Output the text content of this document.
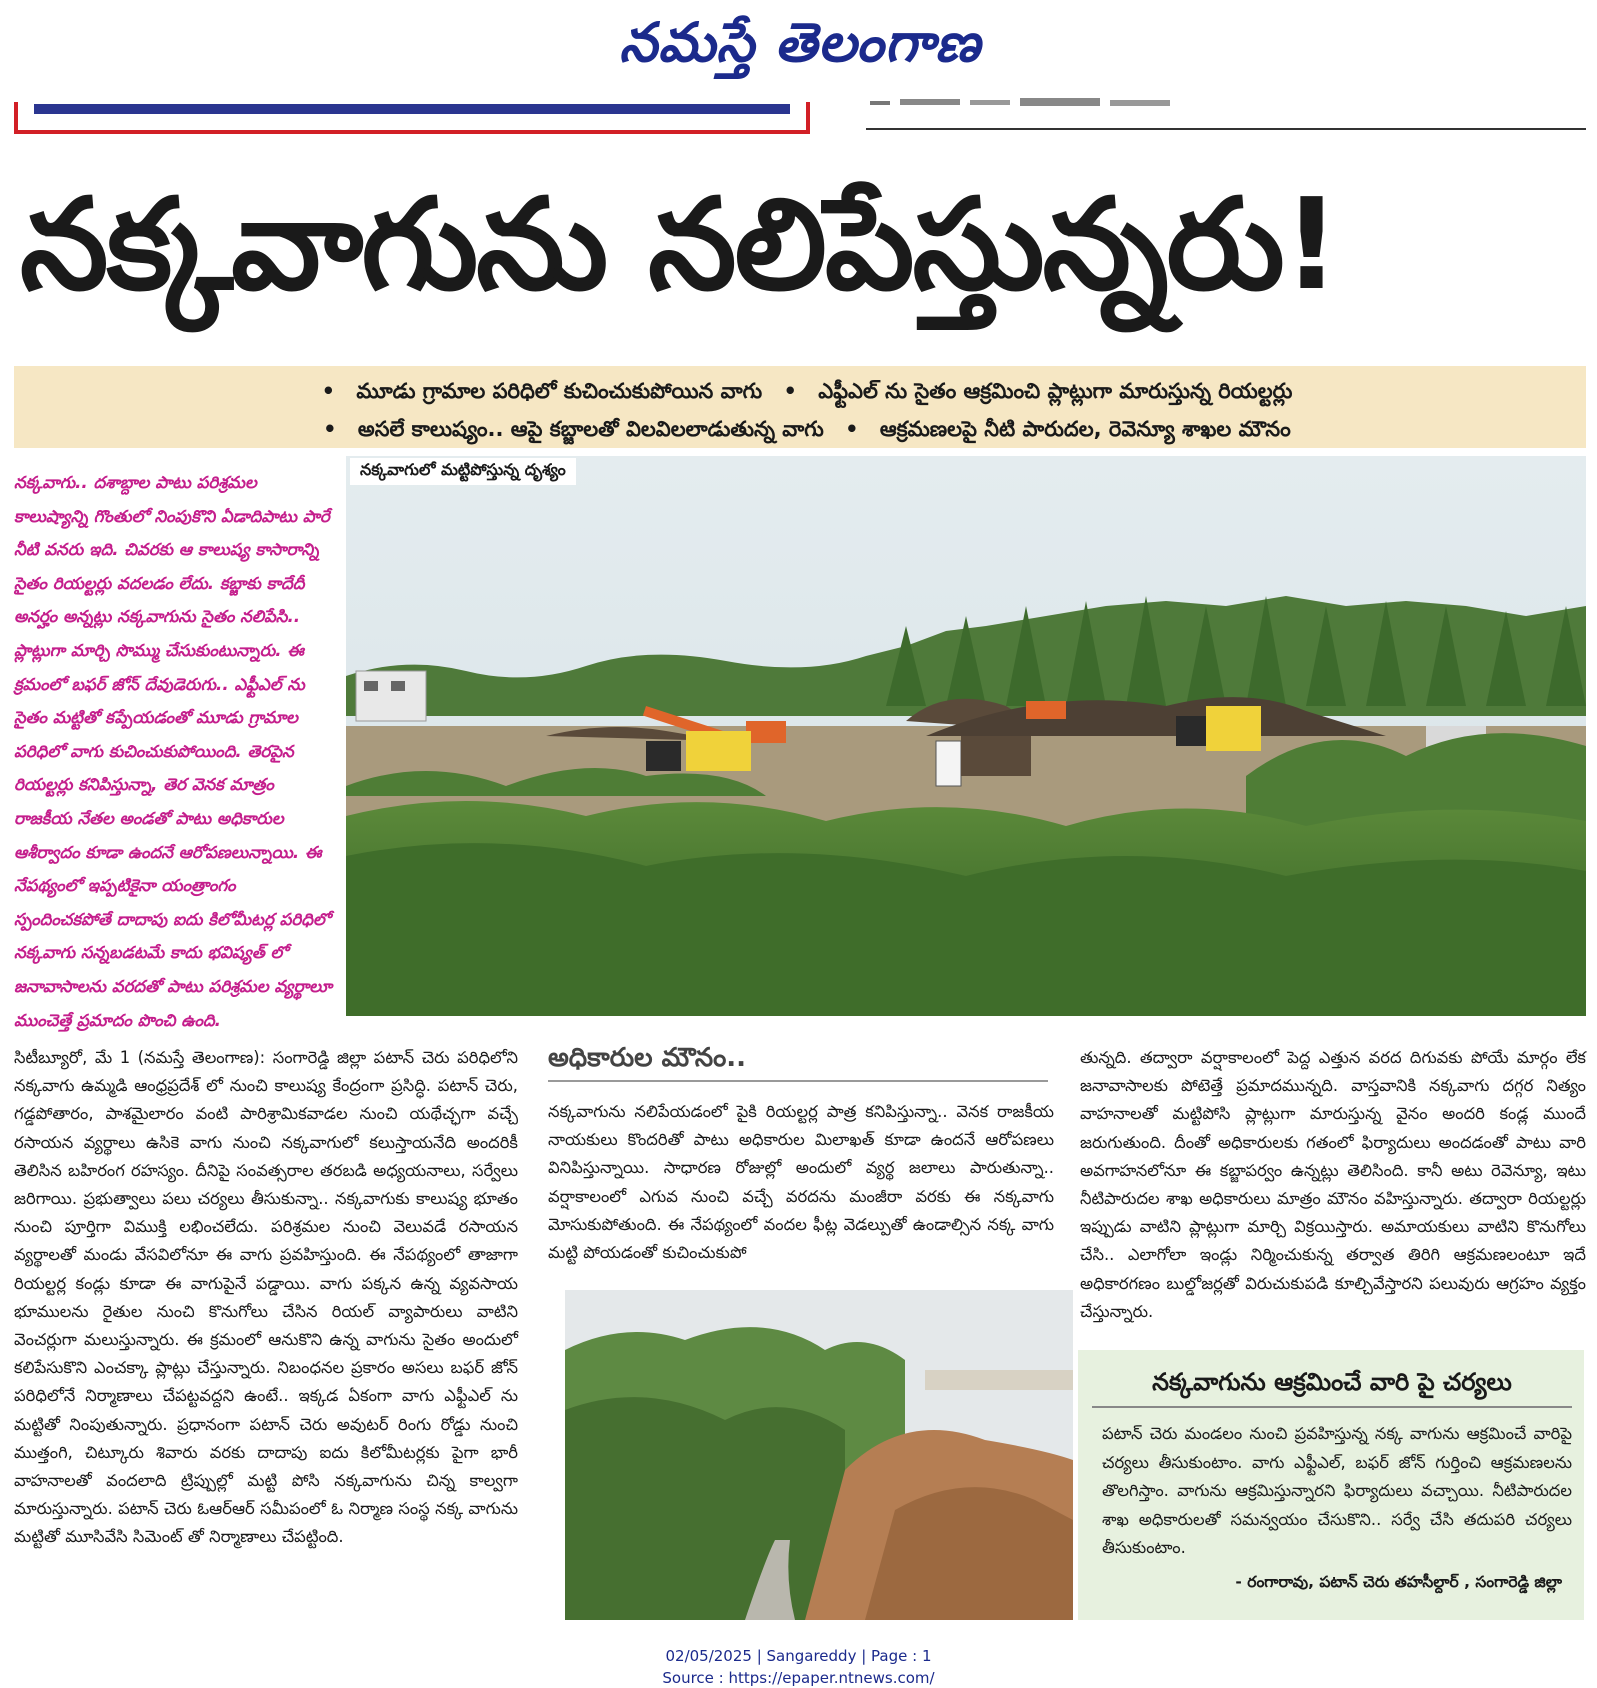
నమస్తే తెలంగాణ
నక్కవాగును నలిపేస్తున్నరు!
• మూడు గ్రామాల పరిధిలో కుచించుకుపోయిన వాగు • ఎఫ్టీఎల్ ను సైతం ఆక్రమించి ప్లాట్లుగా మారుస్తున్న రియల్టర్లు
• అసలే కాలుష్యం.. ఆపై కబ్జాలతో విలవిలలాడుతున్న వాగు • ఆక్రమణలపై నీటి పారుదల, రెవెన్యూ శాఖల మౌనం
నక్కవాగు.. దశాబ్దాల పాటు పరిశ్రమల కాలుష్యాన్ని గొంతులో నింపుకొని ఏడాదిపాటు పారే నీటి వనరు ఇది. చివరకు ఆ కాలుష్య కాసారాన్ని సైతం రియల్టర్లు వదలడం లేదు. కబ్జాకు కాదేదీ అనర్హం అన్నట్లు నక్కవాగును సైతం నలిపేసి.. ప్లాట్లుగా మార్చి సొమ్ము చేసుకుంటున్నారు. ఈ క్రమంలో బఫర్ జోన్ దేవుడెరుగు.. ఎఫ్టీఎల్ ను సైతం మట్టితో కప్పేయడంతో మూడు గ్రామాల పరిధిలో వాగు కుచించుకుపోయింది. తెరపైన రియల్టర్లు కనిపిస్తున్నా, తెర వెనక మాత్రం రాజకీయ నేతల అండతో పాటు అధికారుల ఆశీర్వాదం కూడా ఉందనే ఆరోపణలున్నాయి. ఈ నేపథ్యంలో ఇప్పటికైనా యంత్రాంగం స్పందించకపోతే దాదాపు ఐదు కిలోమీటర్ల పరిధిలో నక్కవాగు సన్నబడటమే కాదు భవిష్యత్ లో జనావాసాలను వరదతో పాటు పరిశ్రమల వ్యర్థాలూ ముంచెత్తే ప్రమాదం పొంచి ఉంది.
నక్కవాగులో మట్టిపోస్తున్న దృశ్యం
సిటీబ్యూరో, మే 1 (నమస్తే తెలంగాణ): సంగారెడ్డి జిల్లా పటాన్ చెరు పరిధిలోని నక్కవాగు ఉమ్మడి ఆంధ్రప్రదేశ్ లో నుంచి కాలుష్య కేంద్రంగా ప్రసిద్ధి. పటాన్ చెరు, గడ్డపోతారం, పాశమైలారం వంటి పారిశ్రామికవాడల నుంచి యథేచ్ఛగా వచ్చే రసాయన వ్యర్థాలు ఉసికె వాగు నుంచి నక్కవాగులో కలుస్తాయనేది అందరికీ తెలిసిన బహిరంగ రహస్యం. దీనిపై సంవత్సరాల తరబడి అధ్యయనాలు, సర్వేలు జరిగాయి. ప్రభుత్వాలు పలు చర్యలు తీసుకున్నా.. నక్కవాగుకు కాలుష్య భూతం నుంచి పూర్తిగా విముక్తి లభించలేదు. పరిశ్రమల నుంచి వెలువడే రసాయన వ్యర్థాలతో మండు వేసవిలోనూ ఈ వాగు ప్రవహిస్తుంది. ఈ నేపథ్యంలో తాజాగా రియల్టర్ల కండ్లు కూడా ఈ వాగుపైనే పడ్డాయి. వాగు పక్కన ఉన్న వ్యవసాయ భూములను రైతుల నుంచి కొనుగోలు చేసిన రియల్ వ్యాపారులు వాటిని వెంచర్లుగా మలుస్తున్నారు. ఈ క్రమంలో ఆనుకొని ఉన్న వాగును సైతం అందులో కలిపేసుకొని ఎంచక్కా ప్లాట్లు చేస్తున్నారు. నిబంధనల ప్రకారం అసలు బఫర్ జోన్ పరిధిలోనే నిర్మాణాలు చేపట్టవద్దని ఉంటే.. ఇక్కడ ఏకంగా వాగు ఎఫ్టీఎల్ ను మట్టితో నింపుతున్నారు. ప్రధానంగా పటాన్ చెరు అవుటర్ రింగు రోడ్డు నుంచి ముత్తంగి, చిట్కూరు శివారు వరకు దాదాపు ఐదు కిలోమీటర్లకు పైగా భారీ వాహనాలతో వందలాది ట్రిప్పుల్లో మట్టి పోసి నక్కవాగును చిన్న కాల్వగా మారుస్తున్నారు. పటాన్ చెరు ఓఆర్ఆర్ సమీపంలో ఓ నిర్మాణ సంస్థ నక్క వాగును మట్టితో మూసివేసి సిమెంట్ తో నిర్మాణాలు చేపట్టింది.
అధికారుల మౌనం..
నక్కవాగును నలిపేయడంలో పైకి రియల్టర్ల పాత్ర కనిపిస్తున్నా.. వెనక రాజకీయ నాయకులు కొందరితో పాటు అధికారుల మిలాఖత్ కూడా ఉందనే ఆరోపణలు వినిపిస్తున్నాయి. సాధారణ రోజుల్లో అందులో వ్యర్థ జలాలు పారుతున్నా.. వర్షాకాలంలో ఎగువ నుంచి వచ్చే వరదను మంజీరా వరకు ఈ నక్కవాగు మోసుకుపోతుంది. ఈ నేపథ్యంలో వందల ఫీట్ల వెడల్పుతో ఉండాల్సిన నక్క వాగు మట్టి పోయడంతో కుచించుకుపో
తున్నది. తద్వారా వర్షాకాలంలో పెద్ద ఎత్తున వరద దిగువకు పోయే మార్గం లేక జనావాసాలకు పోటెత్తే ప్రమాదమున్నది. వాస్తవానికి నక్కవాగు దగ్గర నిత్యం వాహనాలతో మట్టిపోసి ప్లాట్లుగా మారుస్తున్న వైనం అందరి కండ్ల ముందే జరుగుతుంది. దీంతో అధికారులకు గతంలో ఫిర్యాదులు అందడంతో పాటు వారి అవగాహనలోనూ ఈ కబ్జాపర్వం ఉన్నట్లు తెలిసింది. కానీ అటు రెవెన్యూ, ఇటు నీటిపారుదల శాఖ అధికారులు మాత్రం మౌనం వహిస్తున్నారు. తద్వారా రియల్టర్లు ఇప్పుడు వాటిని ప్లాట్లుగా మార్చి విక్రయిస్తారు. అమాయకులు వాటిని కొనుగోలు చేసి.. ఎలాగోలా ఇండ్లు నిర్మించుకున్న తర్వాత తిరిగి ఆక్రమణలంటూ ఇదే అధికారగణం బుల్డోజర్లతో విరుచుకుపడి కూల్చివేస్తారని పలువురు ఆగ్రహం వ్యక్తం చేస్తున్నారు.
నక్కవాగును ఆక్రమించే వారి పై చర్యలు
పటాన్ చెరు మండలం నుంచి ప్రవహిస్తున్న నక్క వాగును ఆక్రమించే వారిపై చర్యలు తీసుకుంటాం. వాగు ఎఫ్టీఎల్, బఫర్ జోన్ గుర్తించి ఆక్రమణలను తొలగిస్తాం. వాగును ఆక్రమిస్తున్నారని ఫిర్యాదులు వచ్చాయి. నీటిపారుదల శాఖ అధికారులతో సమన్వయం చేసుకొని.. సర్వే చేసి తదుపరి చర్యలు తీసుకుంటాం.
- రంగారావు, పటాన్ చెరు తహసీల్దార్ , సంగారెడ్డి జిల్లా
02/05/2025 | Sangareddy | Page : 1
Source : https://epaper.ntnews.com/
